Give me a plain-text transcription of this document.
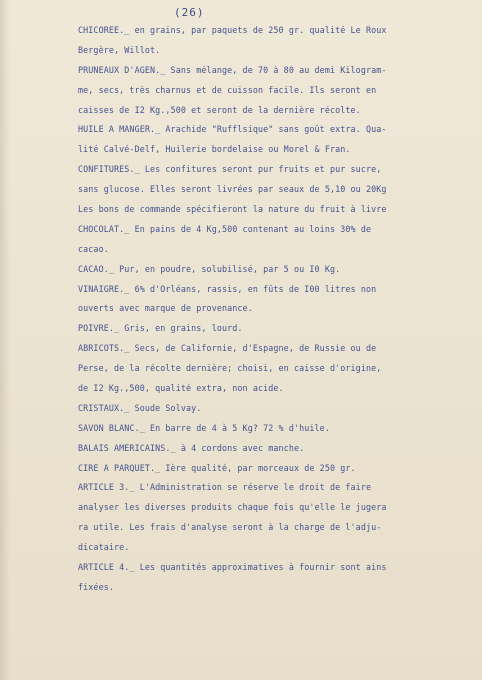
(26)
CHICOREE._ en grains, par paquets de 250 gr. qualité Le Roux
Bergère, Willot.
PRUNEAUX D'AGEN._ Sans mélange, de 70 à 80 au demi Kilogram-
me, secs, très charnus et de cuisson facile. Ils seront en
caisses de I2 Kg.,500 et seront de la dernière récolte.
HUILE A MANGER._ Arachide "Rufflsique" sans goût extra. Qua-
lité Calvé-Delf, Huilerie bordelaise ou Morel & Fran.
CONFITURES._ Les confitures seront pur fruits et pur sucre,
sans glucose. Elles seront livrées par seaux de 5,10 ou 20Kg
Les bons de commande spécifieront la nature du fruit à livre
CHOCOLAT._ En pains de 4 Kg,500 contenant au loins 30% de
cacao.
CACAO._ Pur, en poudre, solubilisé, par 5 ou I0 Kg.
VINAIGRE._ 6% d'Orléans, rassis, en fûts de I00 litres non
ouverts avec marque de provenance.
POIVRE._ Gris, en grains, lourd.
ABRICOTS._ Secs, de Californie, d'Espagne, de Russie ou de
Perse, de la récolte dernière; choisi, en caisse d'origine,
de I2 Kg.,500, qualité extra, non acide.
CRISTAUX._ Soude Solvay.
SAVON BLANC._ En barre de 4 à 5 Kg? 72 % d'huile.
BALAIS AMERICAINS._ à 4 cordons avec manche.
CIRE A PARQUET._ Ière qualité, par morceaux de 250 gr.
ARTICLE 3._ L'Administration se réserve le droit de faire
analyser les diverses produits chaque fois qu'elle le jugera
ra utile. Les frais d'analyse seront à la charge de l'adju-
dicataire.
ARTICLE 4._ Les quantités approximatives à fournir sont ains
fixées.
